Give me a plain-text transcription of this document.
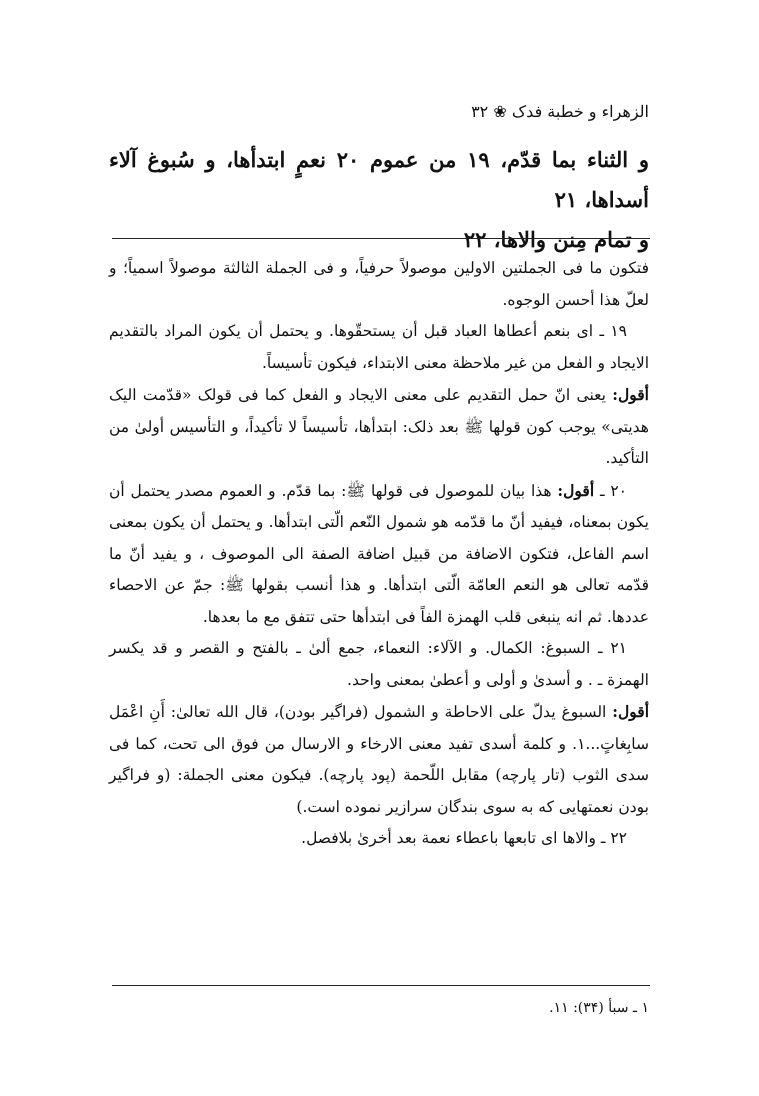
الزهراء و خطبة فدک ❀ ٣٢

و الثناء بما قدّم، ١٩ من عموم ٢٠ نعمٍ ابتدأها، و سُبوغ آلاء أسداها، ٢١

و تمام مِنن والاها، ٢٢

فتکون ما فى الجملتين الاولين موصولاً حرفياً، و فى الجملة الثالثة موصولاً اسمياً؛ و لعلّ هذا أحسن الوجوه.

١٩ ـ اى بنعم أعطاها العباد قبل أن يستحقّوها. و يحتمل أن يكون المراد بالتقديم الايجاد و الفعل من غير ملاحظة معنى الابتداء، فيکون تأسيساً.

أقول: يعنى انّ حمل التقديم على معنى الايجاد و الفعل كما فى قولک «قدّمت اليک هديتى» يوجب كون قولها ﷺ بعد ذلک: ابتدأها، تأسيساً لا تأكيداً، و التأسيس أولىٰ من التأكيد.

٢٠ ـ أقول: هذا بيان للموصول فى قولها ﷺ: بما قدّم. و العموم مصدر يحتمل أن يكون بمعناه، فيفيد أنّ ما قدّمه هو شمول النّعم الّتى ابتدأها. و يحتمل أن يكون بمعنى اسم الفاعل، فتکون الاضافة من قبيل اضافة الصفة الى الموصوف ، و يفيد أنّ ما قدّمه تعالى هو النعم العامّة الّتى ابتدأها. و هذا أنسب بقولها ﷺ: جمّ عن الاحصاء عددها. ثم انه ينبغى قلب الهمزة الفاً فى ابتدأها حتى تتفق مع ما بعدها.

٢١ ـ السبوغ: الکمال. و الآلاء: النعماء، جمع ألىٰ ـ بالفتح و القصر و قد يکسر الهمزة ـ . و أسدىٰ و أولى و أعطىٰ بمعنى واحد.

أقول: السبوغ يدلّ على الاحاطة و الشمول (فراگير بودن)، قال الله تعالىٰ: أَنِ اعْمَل سابِغاتٍ...١. و کلمة أسدى تفيد معنى الارخاء و الارسال من فوق الى تحت، كما فى سدى الثوب (تار پارچه) مقابل اللّحمة (پود پارچه). فيکون معنى الجملة: (و فراگير بودن نعمتهايى كه به سوى بندگان سرازير نموده است.)

٢٢ ـ والاها اى تابعها باعطاء نعمة بعد أخرىٰ بلافصل.

١ ـ سبأ (٣۴): ١١.
